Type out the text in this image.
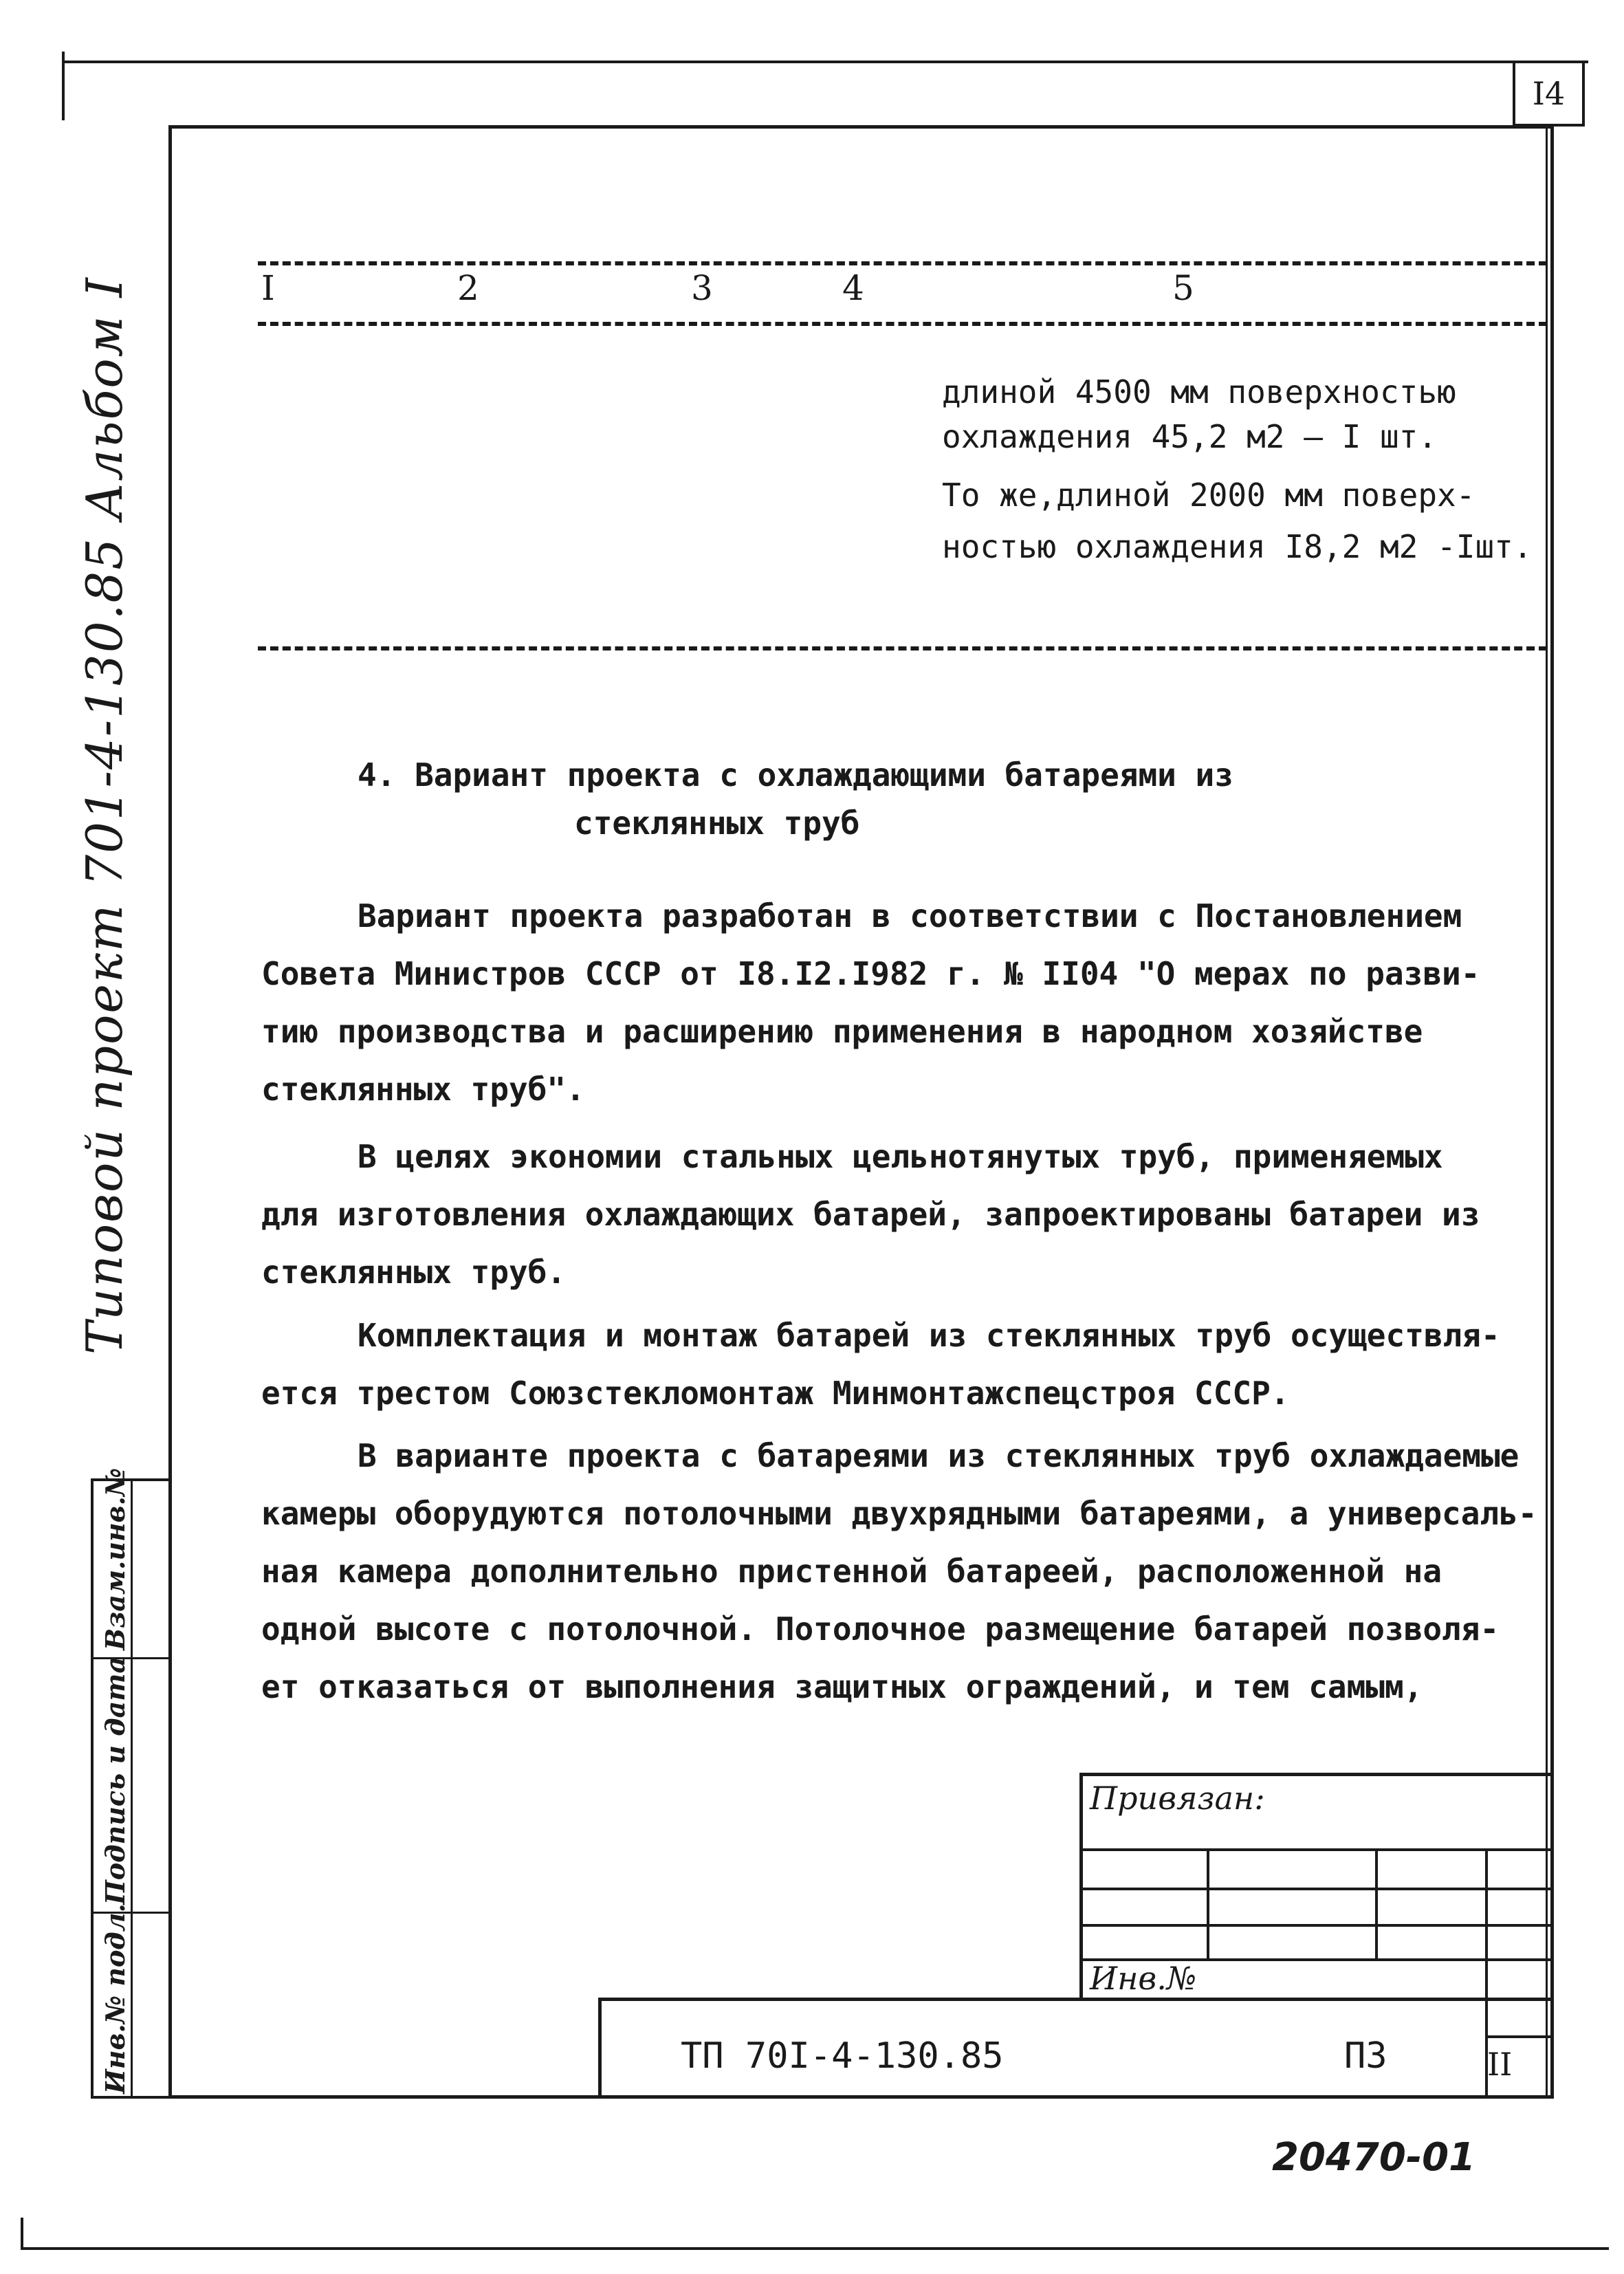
I4
Типовой проект 701-4-130.85 Альбом I
Взам.инв.№
Подпись и дата
Инв.№ подл.
I	2	3	4	5
длиной 4500 мм поверхностью
охлаждения 45,2 м2 – I шт.
То же,длиной 2000 мм поверх-
ностью охлаждения I8,2 м2 -Iшт.
4. Вариант проекта с охлаждающими батареями из
стеклянных труб
Вариант проекта разработан в соответствии с Постановлением
Совета Министров СССР от I8.I2.I982 г. № II04 "О мерах по разви-
тию производства и расширению применения в народном хозяйстве
стеклянных труб".
В целях экономии стальных цельнотянутых труб, применяемых
для изготовления охлаждающих батарей, запроектированы батареи из
стеклянных труб.
Комплектация и монтаж батарей из стеклянных труб осуществля-
ется трестом Союзстекломонтаж Минмонтажспецстроя СССР.
В варианте проекта с батареями из стеклянных труб охлаждаемые
камеры оборудуются потолочными двухрядными батареями, а универсаль-
ная камера дополнительно пристенной батареей, расположенной на
одной высоте с потолочной. Потолочное размещение батарей позволя-
ет отказаться от выполнения защитных ограждений, и тем самым,
Привязан:
Инв.№
ТП 70I-4-130.85	ПЗ	II
20470-01
